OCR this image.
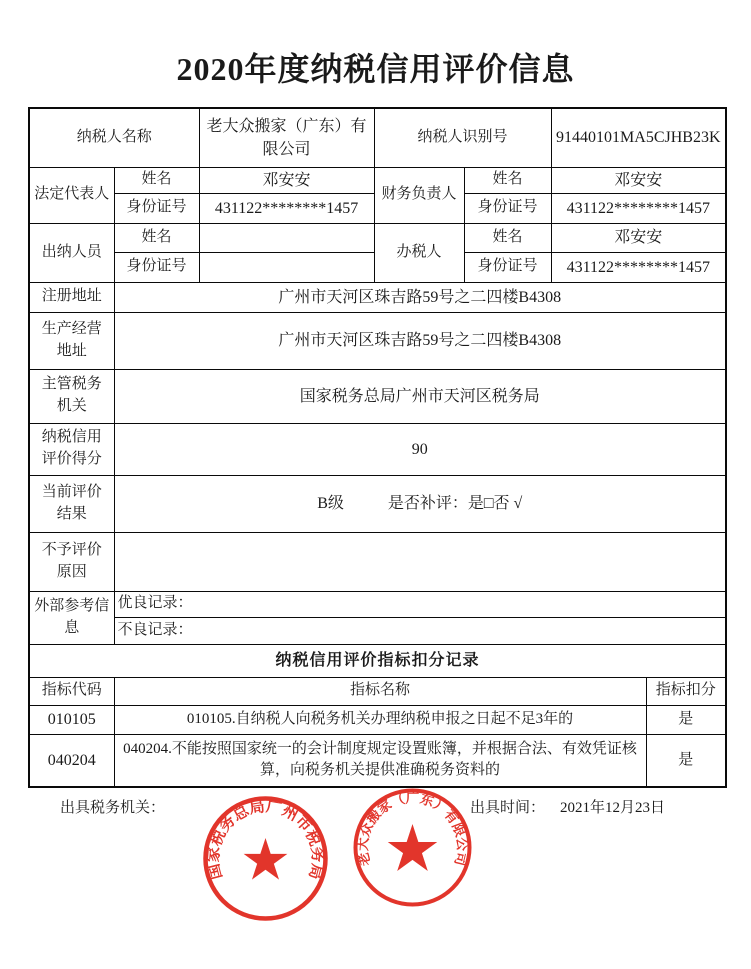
2020年度纳税信用评价信息
纳税人名称		老大众搬家（广东）有限公司	纳税人识别号		91440101MA5CJHB23K	
法定代表人	姓名	邓安安	财务负责人	姓名	邓安安	
	身份证号	431122********1457		身份证号	431122********1457	
出纳人员	姓名		办税人	姓名	邓安安	
	身份证号			身份证号	431122********1457	
注册地址	广州市天河区珠吉路59号之二四楼B4308					

生产经营
地址	广州市天河区珠吉路59号之二四楼B4308					

主管税务
机关	国家税务总局广州市天河区税务局					

纳税信用
评价得分	90					

当前评价
结果	B级 是否补评：是□否 √					

不予评价
原因						

外部参考信
息	优良记录：					
	不良记录：					
纳税信用评价指标扣分记录						
指标代码	指标名称					指标扣分
010105	010105.自纳税人向税务机关办理纳税申报之日起不足3年的					是
040204	040204.不能按照国家统一的会计制度规定设置账簿，并根据合法、有效凭证核算，向税务机关提供准确税务资料的					是
出具税务机关：	出具时间： 2021年12月23日
国家税务总局广州市税务局
老大众搬家（广东）有限公司
